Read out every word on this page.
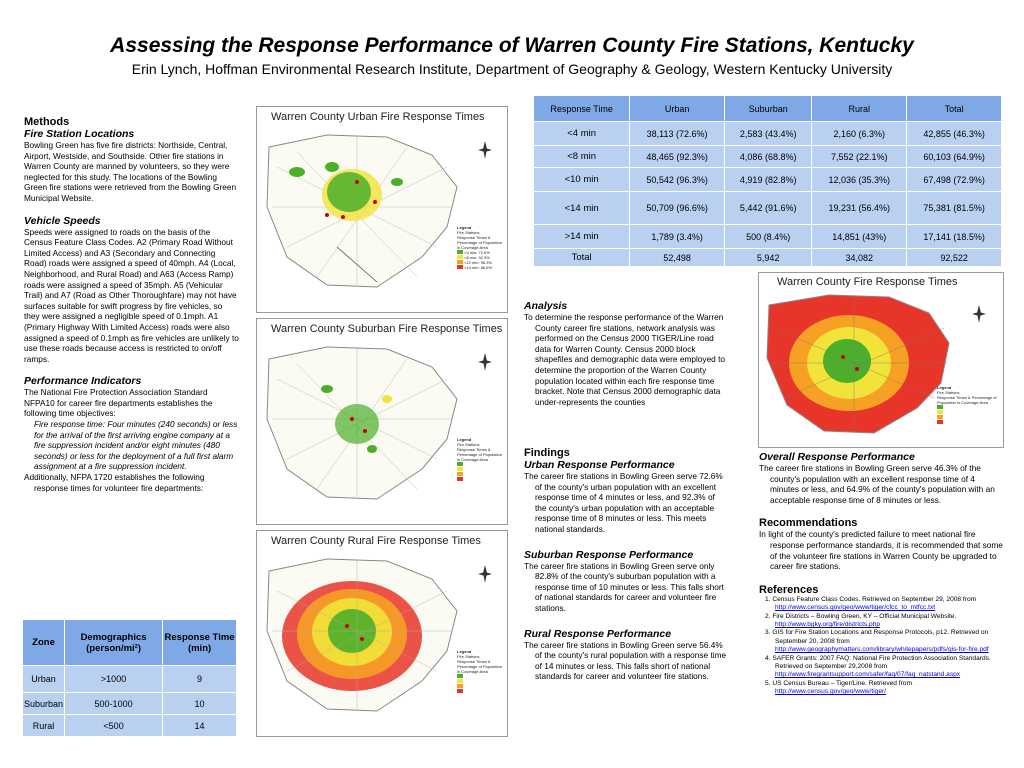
Assessing the Response Performance of Warren County Fire Stations, Kentucky
Erin Lynch, Hoffman Environmental Research Institute, Department of Geography & Geology, Western Kentucky University

Methods

Fire Station Locations

Bowling Green has five fire districts: Northside, Central, Airport, Westside, and Southside. Other fire stations in Warren County are manned by volunteers, so they were neglected for this study. The locations of the Bowling Green fire stations were retrieved from the Bowling Green Municipal Website.

Vehicle Speeds

Speeds were assigned to roads on the basis of the Census Feature Class Codes. A2 (Primary Road Without Limited Access) and A3 (Secondary and Connecting Road) roads were assigned a speed of 40mph. A4 (Local, Neighborhood, and Rural Road) and A63 (Access Ramp) roads were assigned a speed of 35mph. A5 (Vehicular Trail) and A7 (Road as Other Thoroughfare) may not have surfaces suitable for swift progress by fire vehicles, so they were assigned a negligible speed of 0.1mph. A1 (Primary Highway With Limited Access) roads were also assigned a speed of 0.1mph as fire vehicles are unlikely to use these roads because access is restricted to on/off ramps.

Performance Indicators

The National Fire Protection Association Standard NFPA10 for career fire departments establishes the following time objectives:

Fire response time: Four minutes (240 seconds) or less for the arrival of the first arriving engine company at a fire suppression incident and/or eight minutes (480 seconds) or less for the deployment of a full first alarm assignment at a fire suppression incident.

Additionally, NFPA 1720 establishes the following response times for volunteer fire departments:

Zone	Demographics (person/mi²)	Response Time (min)
Urban	>1000	9
Suburban	500-1000	10
Rural	<500	14
Warren County Urban Fire Response Times
Legend
Fire Stations
Response Times & Percentage of Population in Coverage Area
<4 min: 72.6%
<8 min: 92.3%
<10 min: 96.3%
<14 min: 96.6%
Warren County Suburban Fire Response Times
Legend
Fire Stations
Response Times & Percentage of Population in Coverage Area
Warren County Rural Fire Response Times
Legend
Fire Stations
Response Times & Percentage of Population in Coverage Area
Response Time	Urban	Suburban	Rural	Total
<4 min	38,113 (72.6%)	2,583 (43.4%)	2,160 (6.3%)	42,855 (46.3%)
<8 min	48,465 (92.3%)	4,086 (68.8%)	7,552 (22.1%)	60,103 (64.9%)
<10 min	50,542 (96.3%)	4,919 (82.8%)	12,036 (35.3%)	67,498 (72.9%)
<14 min	50,709 (96.6%)	5,442 (91.6%)	19,231 (56.4%)	75,381 (81.5%)
>14 min	1,789 (3.4%)	500 (8.4%)	14,851 (43%)	17,141 (18.5%)
Total	52,498	5,942	34,082	92,522

Analysis

To determine the response performance of the Warren County career fire stations, network analysis was performed on the Census 2000 TIGER/Line road data for Warren County. Census 2000 block shapefiles and demographic data were employed to determine the proportion of the Warren County population located within each fire response time bracket. Note that Census 2000 demographic data under-represents the counties

Findings

Urban Response Performance

The career fire stations in Bowling Green serve 72.6% of the county's urban population with an excellent response time of 4 minutes or less, and 92.3% of the county's urban population with an acceptable response time of 8 minutes or less. This meets national standards.

Suburban Response Performance

The career fire stations in Bowling Green serve only 82.8% of the county's suburban population with a response time of 10 minutes or less. This falls short of national standards for career and volunteer fire stations.

Rural Response Performance

The career fire stations in Bowling Green serve 56.4% of the county's rural population with a response time of 14 minutes or less. This falls short of national standards for career and volunteer fire stations.

Warren County Fire Response Times
Legend
Fire Stations
Response Times & Percentage of Population in Coverage Area

Overall Response Performance

The career fire stations in Bowling Green serve 46.3% of the county's population with an excellent response time of 4 minutes or less, and 64.9% of the county's population with an acceptable response time of 8 minutes or less.

Recommendations

In light of the county's predicted failure to meet national fire response performance standards, it is recommended that some of the volunteer fire stations in Warren County be upgraded to career fire stations.

References

1. Census Feature Class Codes. Retrieved on September 29, 2008 from
http://www.census.gov/geo/www/tiger/cfcc_to_mtfcc.txt

2. Fire Districts – Bowling Green, KY – Official Municipal Website.
http://www.bgky.org/fire/districts.php

3. GIS for Fire Station Locations and Response Protocols, p12. Retrieved on September 20, 2008 from
http://www.geographymatters.com/library/whitepapers/pdfs/gis-for-fire.pdf

4. SAFER Grants: 2007 FAQ: National Fire Protection Association Standards. Retrieved on September 29,2008 from
http://www.firegrantsupport.com/safer/faq/07/faq_natstand.aspx

5. US Census Bureau – Tiger/Line. Retrieved from
http://www.census.gov/geo/www/tiger/
